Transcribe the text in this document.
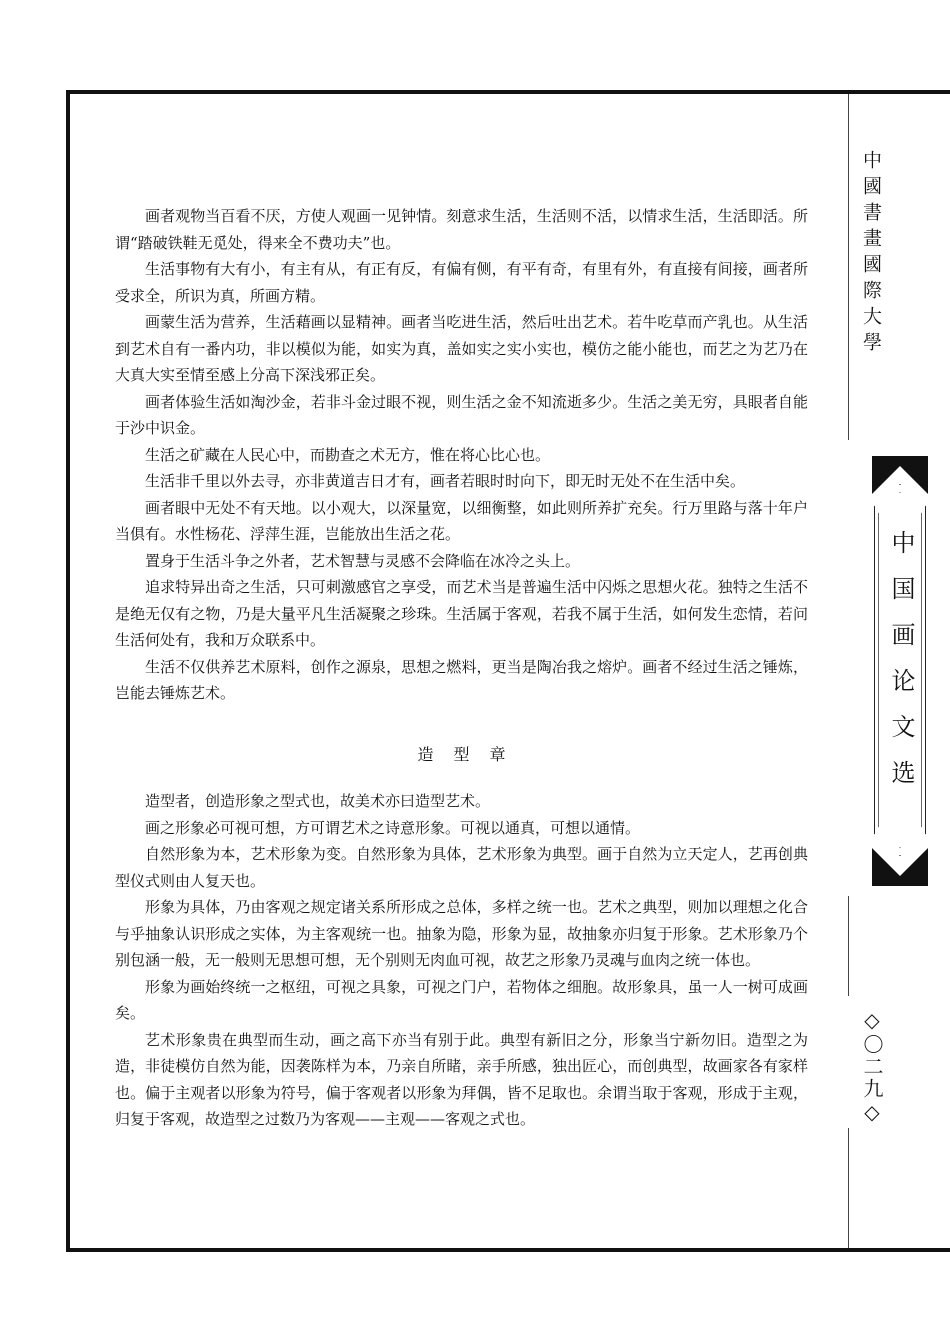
中國書畫國際大學
中国画论文选
◇〇二九◇

画者观物当百看不厌，方使人观画一见钟情。刻意求生活，生活则不活，以情求生活，生活即活。所谓“踏破铁鞋无觅处，得来全不费功夫”也。

生活事物有大有小，有主有从，有正有反，有偏有侧，有平有奇，有里有外，有直接有间接，画者所受求全，所识为真，所画方精。

画蒙生活为营养，生活藉画以显精神。画者当吃进生活，然后吐出艺术。若牛吃草而产乳也。从生活到艺术自有一番内功，非以模似为能，如实为真，盖如实之实小实也，模仿之能小能也，而艺之为艺乃在大真大实至情至感上分高下深浅邪正矣。

画者体验生活如淘沙金，若非斗金过眼不视，则生活之金不知流逝多少。生活之美无穷，具眼者自能于沙中识金。

生活之矿藏在人民心中，而勘查之术无方，惟在将心比心也。

生活非千里以外去寻，亦非黄道吉日才有，画者若眼时时向下，即无时无处不在生活中矣。

画者眼中无处不有天地。以小观大，以深量宽，以细衡整，如此则所养扩充矣。行万里路与落十年户当俱有。水性杨花、浮萍生涯，岂能放出生活之花。

置身于生活斗争之外者，艺术智慧与灵感不会降临在冰冷之头上。

追求特异出奇之生活，只可刺激感官之享受，而艺术当是普遍生活中闪烁之思想火花。独特之生活不是绝无仅有之物，乃是大量平凡生活凝聚之珍珠。生活属于客观，若我不属于生活，如何发生恋情，若问生活何处有，我和万众联系中。

生活不仅供养艺术原料，创作之源泉，思想之燃料，更当是陶冶我之熔炉。画者不经过生活之锤炼，岂能去锤炼艺术。

造型章

造型者，创造形象之型式也，故美术亦曰造型艺术。

画之形象必可视可想，方可谓艺术之诗意形象。可视以通真，可想以通情。

自然形象为本，艺术形象为变。自然形象为具体，艺术形象为典型。画于自然为立天定人，艺再创典型仪式则由人复天也。

形象为具体，乃由客观之规定诸关系所形成之总体，多样之统一也。艺术之典型，则加以理想之化合与乎抽象认识形成之实体，为主客观统一也。抽象为隐，形象为显，故抽象亦归复于形象。艺术形象乃个别包涵一般，无一般则无思想可想，无个别则无肉血可视，故艺之形象乃灵魂与血肉之统一体也。

形象为画始终统一之枢纽，可视之具象，可视之门户，若物体之细胞。故形象具，虽一人一树可成画矣。

艺术形象贵在典型而生动，画之高下亦当有别于此。典型有新旧之分，形象当宁新勿旧。造型之为造，非徒模仿自然为能，因袭陈样为本，乃亲自所睹，亲手所感，独出匠心，而创典型，故画家各有家样也。偏于主观者以形象为符号，偏于客观者以形象为拜偶，皆不足取也。余谓当取于客观，形成于主观，归复于客观，故造型之过数乃为客观——主观——客观之式也。
